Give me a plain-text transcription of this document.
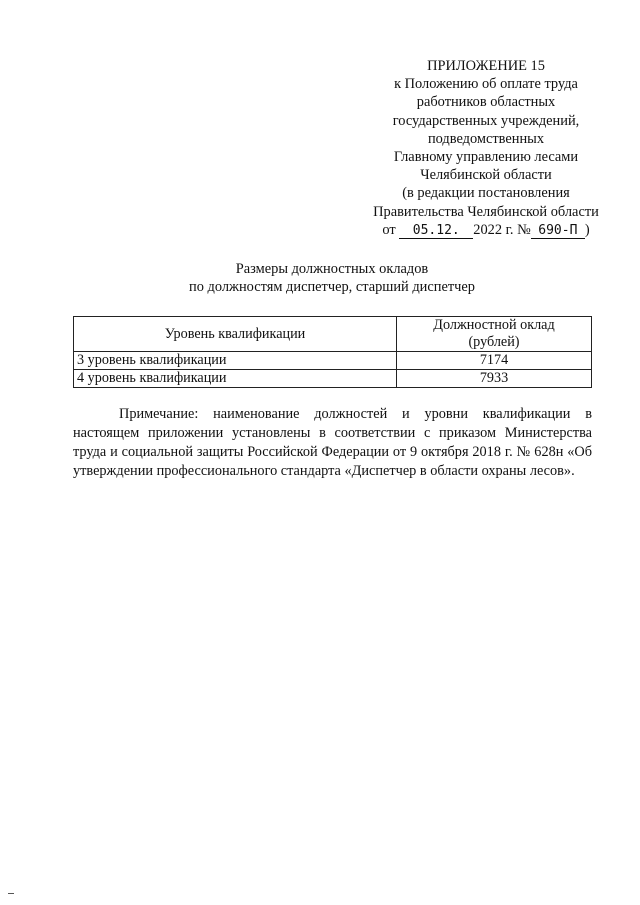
ПРИЛОЖЕНИЕ 15
к Положению об оплате труда
работников областных
государственных учреждений,
подведомственных
Главному управлению лесами
Челябинской области
(в редакции постановления
Правительства Челябинской области
от 05.12. 2022 г. № 690-П )
Размеры должностных окладов
по должностям диспетчер, старший диспетчер
Уровень квалификации	Должностной оклад
(рублей)
3 уровень квалификации	7174
4 уровень квалификации	7933

Примечание: наименование должностей и уровни квалификации в настоящем приложении установлены в соответствии с приказом Министерства труда и социальной защиты Российской Федерации от 9 октября 2018 г. № 628н «Об утверждении профессионального стандарта «Диспетчер в области охраны лесов».
